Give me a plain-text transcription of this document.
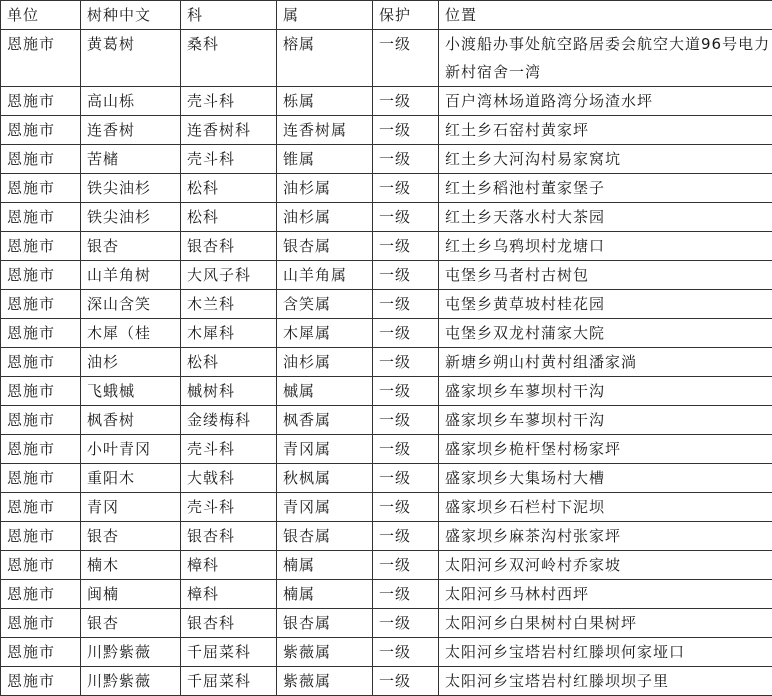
单位	树种中文	科	属	保护	位置
恩施市	黄葛树	桑科	榕属	一级	小渡船办事处航空路居委会航空大道96号电力新村宿舍一湾
恩施市	高山栎	壳斗科	栎属	一级	百户湾林场道路湾分场渣水坪
恩施市	连香树	连香树科	连香树属	一级	红土乡石窑村黄家坪
恩施市	苦槠	壳斗科	锥属	一级	红土乡大河沟村易家窝坑
恩施市	铁尖油杉	松科	油杉属	一级	红土乡稻池村董家堡子
恩施市	铁尖油杉	松科	油杉属	一级	红土乡天落水村大茶园
恩施市	银杏	银杏科	银杏属	一级	红土乡乌鸦坝村龙塘口
恩施市	山羊角树	大风子科	山羊角属	一级	屯堡乡马者村古树包
恩施市	深山含笑	木兰科	含笑属	一级	屯堡乡黄草坡村桂花园
恩施市	木犀（桂	木犀科	木犀属	一级	屯堡乡双龙村蒲家大院
恩施市	油杉	松科	油杉属	一级	新塘乡朔山村黄村组潘家淌
恩施市	飞蛾槭	槭树科	槭属	一级	盛家坝乡车蓼坝村干沟
恩施市	枫香树	金缕梅科	枫香属	一级	盛家坝乡车蓼坝村干沟
恩施市	小叶青冈	壳斗科	青冈属	一级	盛家坝乡桅杆堡村杨家坪
恩施市	重阳木	大戟科	秋枫属	一级	盛家坝乡大集场村大槽
恩施市	青冈	壳斗科	青冈属	一级	盛家坝乡石栏村下泥坝
恩施市	银杏	银杏科	银杏属	一级	盛家坝乡麻茶沟村张家坪
恩施市	楠木	樟科	楠属	一级	太阳河乡双河岭村乔家坡
恩施市	闽楠	樟科	楠属	一级	太阳河乡马林村西坪
恩施市	银杏	银杏科	银杏属	一级	太阳河乡白果树村白果树坪
恩施市	川黔紫薇	千屈菜科	紫薇属	一级	太阳河乡宝塔岩村红滕坝何家垭口
恩施市	川黔紫薇	千屈菜科	紫薇属	一级	太阳河乡宝塔岩村红滕坝坝子里
